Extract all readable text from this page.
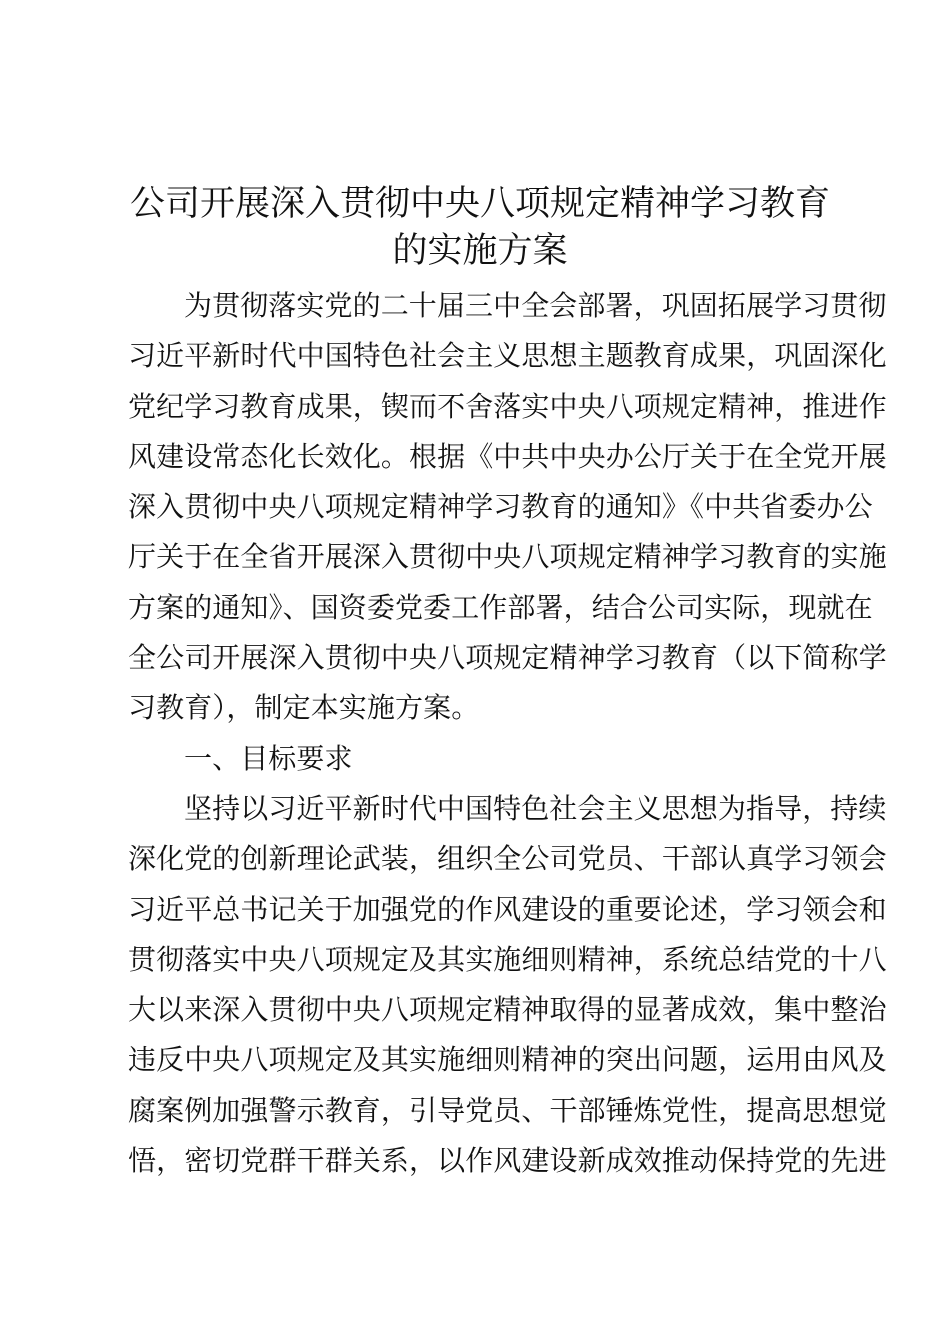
公司开展深入贯彻中央八项规定精神学习教育
的实施方案
为贯彻落实党的二十届三中全会部署，巩固拓展学习贯彻
习近平新时代中国特色社会主义思想主题教育成果，巩固深化
党纪学习教育成果，锲而不舍落实中央八项规定精神，推进作
风建设常态化长效化。根据《中共中央办公厅关于在全党开展
深入贯彻中央八项规定精神学习教育的通知》《中共省委办公
厅关于在全省开展深入贯彻中央八项规定精神学习教育的实施
方案的通知》、国资委党委工作部署，结合公司实际，现就在
全公司开展深入贯彻中央八项规定精神学习教育（以下简称学
习教育），制定本实施方案。
一、目标要求
坚持以习近平新时代中国特色社会主义思想为指导，持续
深化党的创新理论武装，组织全公司党员、干部认真学习领会
习近平总书记关于加强党的作风建设的重要论述，学习领会和
贯彻落实中央八项规定及其实施细则精神，系统总结党的十八
大以来深入贯彻中央八项规定精神取得的显著成效，集中整治
违反中央八项规定及其实施细则精神的突出问题，运用由风及
腐案例加强警示教育，引导党员、干部锤炼党性，提高思想觉
悟，密切党群干群关系，以作风建设新成效推动保持党的先进
